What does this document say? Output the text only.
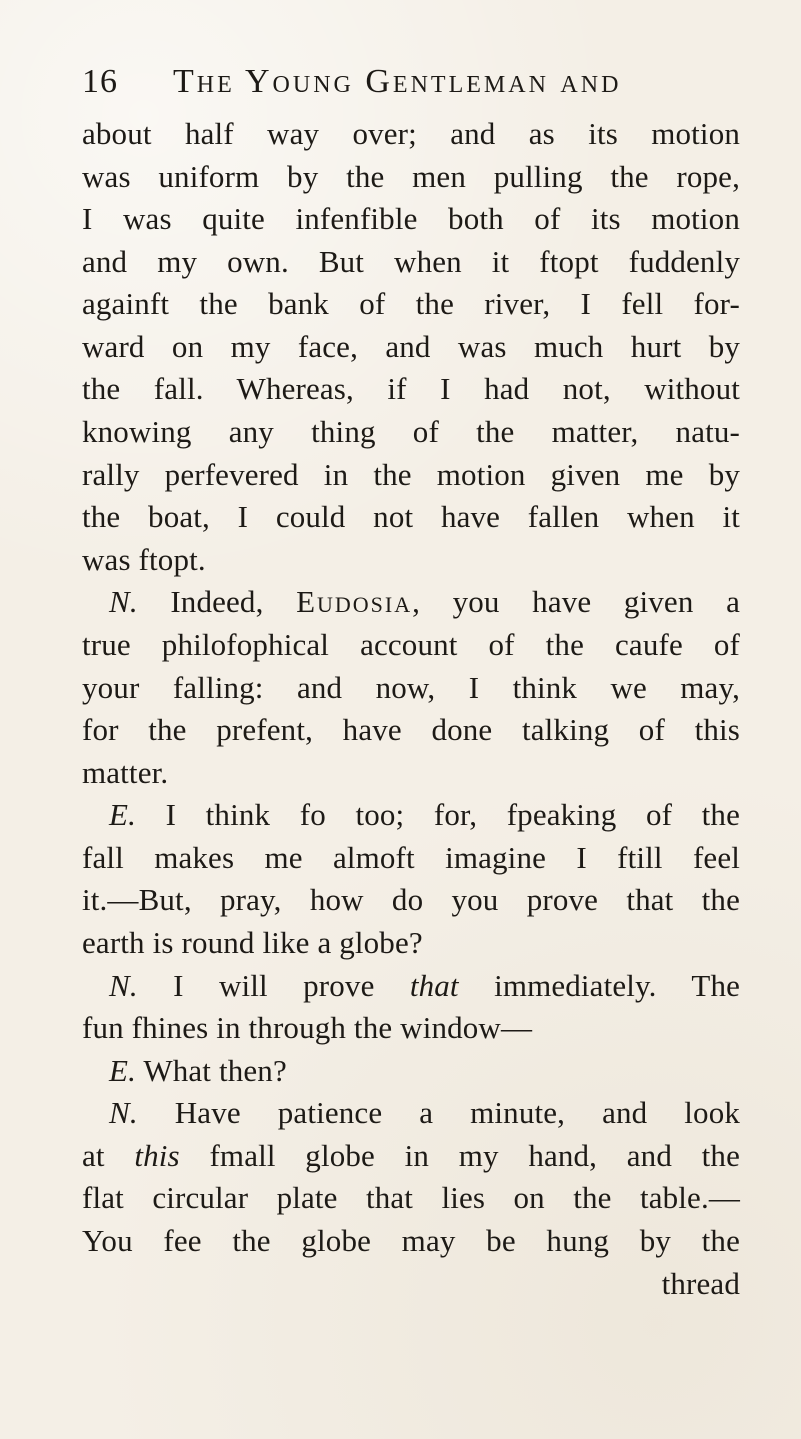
16 The Young Gentleman and
about half way over; and as its motion
was uniform by the men pulling the rope,
I was quite infenfible both of its motion
and my own. But when it ftopt fuddenly
againft the bank of the river, I fell for-
ward on my face, and was much hurt by
the fall. Whereas, if I had not, without
knowing any thing of the matter, natu-
rally perfevered in the motion given me by
the boat, I could not have fallen when it
was ftopt.
N. Indeed, Eudosia, you have given a
true philofophical account of the caufe of
your falling: and now, I think we may,
for the prefent, have done talking of this
matter.
E. I think fo too; for, fpeaking of the
fall makes me almoft imagine I ftill feel
it.—But, pray, how do you prove that the
earth is round like a globe?
N. I will prove that immediately. The
fun fhines in through the window—
E. What then?
N. Have patience a minute, and look
at this fmall globe in my hand, and the
flat circular plate that lies on the table.—
You fee the globe may be hung by the
thread
